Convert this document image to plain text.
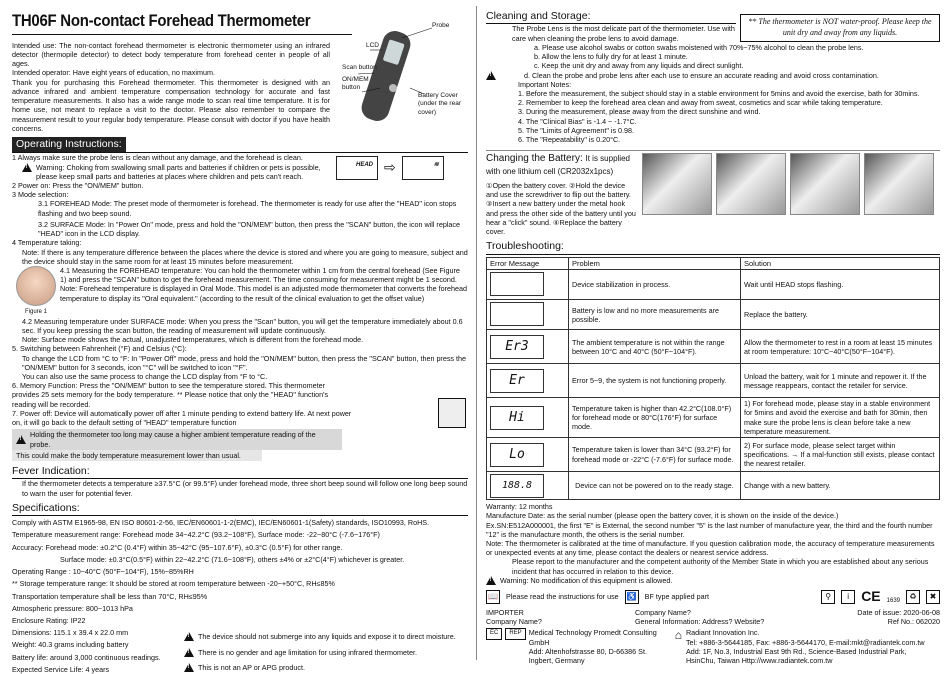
TH06F Non-contact Forehead Thermometer	Probe
LCD
Scan button
ON/MEM button
Battery Cover (under the rear cover)

Intended use: The non-contact forehead thermometer is electronic thermometer using an infrared detector (thermopile detector) to detect body temperature from forehead center in people of all ages.

Intended operator: Have eight years of education, no maximum.

Thank you for purchasing this Forehead thermometer. This thermometer is designed with an advance infrared and ambient temperature compensation technology for accurate and fast temperature measurements. It also has a wide range mode to scan real time temperature. It is for home use, not meant to replace a visit to the doctor. Please also remember to compare the measurement result to your regular body temperature. Please consult with doctor if you have health concerns.

Operating Instructions:

1 Always make sure the probe lens is clean without any damage, and the forehead is clean.

!
Warning: Choking from swallowing small parts and batteries if children or pets is possible, please keep small parts and batteries at places where children and pets can't reach.
HEAD ⇨	≋

2 Power on: Press the "ON/MEM" button.

3 Mode selection:

3.1 FOREHEAD Mode: The preset mode of thermometer is forehead. The thermometer is ready for use after the "HEAD" icon stops flashing and two beep sound.

3.2 SURFACE Mode: In "Power On" mode, press and hold the "ON/MEM" button, then press the "SCAN" button, the icon will replace "HEAD" icon in the LCD display.

4 Temperature taking:

Note: If there is any temperature difference between the places where the device is stored and where you are going to measure, subject and the device should stay in the same room for at least 15 minutes before measurement.

Figure 1

4.1 Measuring the FOREHEAD temperature: You can hold the thermometer within 1 cm from the central forehead (See Figure 1) and press the "SCAN" button to get the forehead measurement. The time consuming for measurement might be 1 second.

Note: Forehead temperature is displayed in Oral Mode. This model is an adjusted mode thermometer that converts the forehead temperature to display its "Oral equivalent." (according to the result of the clinical evaluation to get the offset value)

4.2 Measuring temperature under SURFACE mode: When you press the "Scan" button, you will get the temperature immediately about 0.6 sec. If you keep pressing the scan button, the reading of measurement will update continuously.

Note: Surface mode shows the actual, unadjusted temperatures, which is different from the forehead mode.

5. Switching between Fahrenheit (°F) and Celsius (°C):

To change the LCD from °C to °F: In "Power Off" mode, press and hold the "ON/MEM" button, then press the "SCAN" button, then press the "ON/MEM" button for 3 seconds, icon "°C" will be switched to icon "°F".

You can also use the same process to change the LCD display from °F to °C.

6. Memory Function: Press the "ON/MEM" button to see the temperature stored. This thermometer provides 25 sets memory for the body temperature. ** Please notice that only the "HEAD" function's reading will be recorded.

7. Power off: Device will automatically power off after 1 minute pending to extend battery life. At next power on, it will go back to the default setting of "HEAD" temperature function

!
Holding the thermometer too long may cause a higher ambient temperature reading of the probe.
This could make the body temperature measurement lower than usual.
Fever Indication:

If the thermometer detects a temperature ≥37.5°C (or 99.5°F) under forehead mode, three short beep sound will follow one long beep sound to warn the user for potential fever.

Specifications:

Comply with ASTM E1965-98, EN ISO 80601-2-56, IEC/EN60601-1-2(EMC), IEC/EN60601-1(Safety) standards, ISO10993, RoHS.

Temperature measurement range: Forehead mode 34~42.2°C (93.2~108°F), Surface mode: -22~80°C (-7.6~176°F)

Accuracy: Forehead mode: ±0.2°C (0.4°F) within 35~42°C (95~107.6°F), ±0.3°C (0.5°F) for other range.

Surface mode: ±0.3°C(0.5°F) within 22~42.2°C (71.6~108°F), others ±4% or ±2°C(4°F) whichever is greater.

Operating Range : 10~40°C (50°F~104°F), 15%~85%RH

** Storage temperature range: It should be stored at room temperature between -20~+50°C, RH≤85%

Transportation temperature shall be less than 70°C, RH≤95%

Atmospheric pressure: 800~1013 hPa

Enclosure Rating: IP22

Dimensions: 115.1 x 39.4 x 22.0 mm

Weight: 40.3 grams including battery

Battery life: around 3,000 continuous readings.

Expected Service Life: 4 years

!
The device should not submerge into any liquids and expose it to direct moisture.
!
There is no gender and age limitation for using infrared thermometer.
!
This is not an AP or APG product.
Cleaning and Storage:	** The thermometer is NOT water-proof. Please keep the unit dry and away from any liquids.

The Probe Lens is the most delicate part of the thermometer. Use with care when cleaning the probe lens to avoid damage.

a. Please use alcohol swabs or cotton swabs moistened with 70%~75% alcohol to clean the probe lens.

b. Allow the lens to fully dry for at least 1 minute.

c. Keep the unit dry and away from any liquids and direct sunlight.

!
d. Clean the probe and probe lens after each use to ensure an accurate reading and avoid cross contamination.

Important Notes:

1. Before the measurement, the subject should stay in a stable environment for 5mins and avoid the exercise, bath for 30mins.

2. Remember to keep the forehead area clean and away from sweat, cosmetics and scar while taking temperature.

3. During the measurement, please away from the direct sunshine and wind.

4. The "Clinical Bias" is -1.4 ~ -1.7°C.

5. The "Limits of Agreement" is 0.98.

6. The "Repeatability" is 0.20°C.

Changing the Battery: It is supplied with one lithium cell (CR2032x1pcs)

①Open the battery cover. ②Hold the device and use the screwdriver to flip out the battery. ③Insert a new battery under the metal hook and press the other side of the battery until you hear a "click" sound. ④Replace the battery cover.

Troubleshooting:
Error Message	Problem	Solution
	Device stabilization in process.	Wait until HEAD stops flashing.
	Battery is low and no more measurements are possible.	Replace the battery.
Er3	The ambient temperature is not within the range between 10°C and 40°C (50°F~104°F).	Allow the thermometer to rest in a room at least 15 minutes at room temperature: 10°C~40°C(50°F~104°F).
Er	Error 5~9, the system is not functioning properly.	Unload the battery, wait for 1 minute and repower it. If the message reappears, contact the retailer for service.
Hi	Temperature taken is higher than 42.2°C(108.0°F) for forehead mode or 80°C(176°F) for surface mode.	1) For forehead mode, please stay in a stable environment for 5mins and avoid the exercise and bath for 30min, then make sure the probe lens is clean before take a new temperature measurement.
Lo	Temperature taken is lower than 34°C (93.2°F) for forehead mode or -22°C (-7.6°F) for surface mode.	2) For surface mode, please select target within specifications. → If a mal-function still exists, please contact the nearest retailer.
188.8	Device can not be powered on to the ready stage.	Change with a new battery.

Warranty: 12 months

Manufacture Date: as the serial number (please open the battery cover, it is shown on the inside of the device.)

Ex.SN:E512A000001, the first "E" is External, the second number "5" is the last number of manufacture year, the third and the fourth number "12" is the manufacture month, the others is the serial number.

Note: The thermometer is calibrated at the time of manufacture. If you question calibration mode, the accuracy of temperature measurements or unexpected events at any time, please contact the dealers or nearest service address.

Please report to the manufacturer and the competent authority of the Member State in which you are established about any serious incident that has occurred in relation to this device.

!
Warning: No modification of this equipment is allowed.
📖 Please read the instructions for use ♿ BF type applied part	⚲	i CE 1639
♻	✖

IMPORTER

Company Name?

Company Name?

General Information: Address? Website?

Date of issue: 2020-06-08

Ref No.: 062020

EC	REP Medical Technology Promedt Consulting GmbH
Add: Altenhofstrasse 80, D-66386 St. Ingbert, Germany

⌂ Radiant Innovation Inc.

Tel: +886-3-5644185, Fax: +886-3-5644170, E-mail:mkt@radiantek.com.tw

Add: 1F, No.3, Industrial East 9th Rd., Science-Based Industrial Park, HsinChu, Taiwan Http://www.radiantek.com.tw
